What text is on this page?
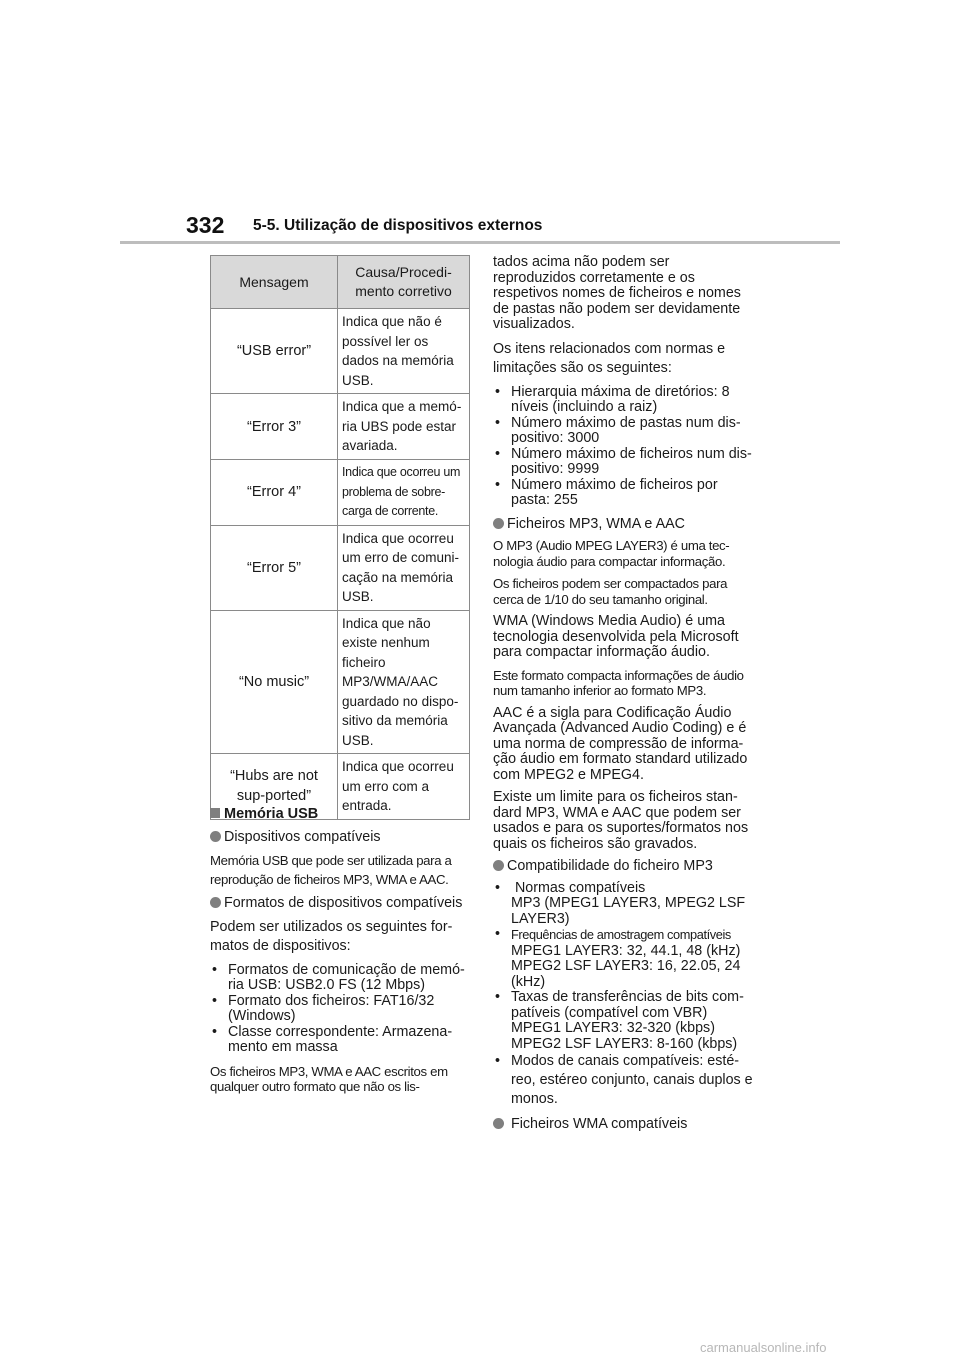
332 5-5. Utilização de dispositivos externos
Mensagem	Causa/Procedi-
mento corretivo
“USB error”	Indica que não é possível ler os dados na memória USB.
“Error 3”	Indica que a memó-ria UBS pode estar avariada.
“Error 4”	Indica que ocorreu um problema de sobre-carga de corrente.
“Error 5”	Indica que ocorreu um erro de comuni-cação na memória USB.
“No music”	Indica que não existe nenhum ficheiro MP3/WMA/AAC guardado no dispo-sitivo da memória USB.
“Hubs are not sup-ported”	Indica que ocorreu um erro com a entrada.
Memória USB

Dispositivos compatíveis

Memória USB que pode ser utilizada para a reprodução de ficheiros MP3, WMA e AAC.

Formatos de dispositivos compatíveis

Podem ser utilizados os seguintes for-matos de dispositivos:

• Formatos de comunicação de memó-ria USB: USB2.0 FS (12 Mbps)
• Formato dos ficheiros: FAT16/32 (Windows)
• Classe correspondente: Armazena-mento em massa

Os ficheiros MP3, WMA e AAC escritos em qualquer outro formato que não os lis-

tados acima não podem ser reproduzidos corretamente e os respetivos nomes de ficheiros e nomes de pastas não podem ser devidamente visualizados.

Os itens relacionados com normas e limitações são os seguintes:

• Hierarquia máxima de diretórios: 8 níveis (incluindo a raiz)
• Número máximo de pastas num dis-positivo: 3000
• Número máximo de ficheiros num dis-positivo: 9999
• Número máximo de ficheiros por pasta: 255

Ficheiros MP3, WMA e AAC

O MP3 (Audio MPEG LAYER3) é uma tec-nologia áudio para compactar informação.

Os ficheiros podem ser compactados para cerca de 1/10 do seu tamanho original.

WMA (Windows Media Audio) é uma tecnologia desenvolvida pela Microsoft para compactar informação áudio.

Este formato compacta informações de áudio num tamanho inferior ao formato MP3.

AAC é a sigla para Codificação Áudio Avançada (Advanced Audio Coding) e é uma norma de compressão de informa-ção áudio em formato standard utilizado com MPEG2 e MPEG4.

Existe um limite para os ficheiros stan-dard MP3, WMA e AAC que podem ser usados e para os suportes/formatos nos quais os ficheiros são gravados.

Compatibilidade do ficheiro MP3

•  Normas compatíveis
MP3 (MPEG1 LAYER3, MPEG2 LSF LAYER3)
• Frequências de amostragem compatíveis
MPEG1 LAYER3: 32, 44.1, 48 (kHz)
MPEG2 LSF LAYER3: 16, 22.05, 24 (kHz)
• Taxas de transferências de bits com-patíveis (compatível com VBR)
MPEG1 LAYER3: 32-320 (kbps)
MPEG2 LSF LAYER3: 8-160 (kbps)
• Modos de canais compatíveis: esté-reo, estéreo conjunto, canais duplos e monos.

Ficheiros WMA compatíveis

carmanualsonline.info
